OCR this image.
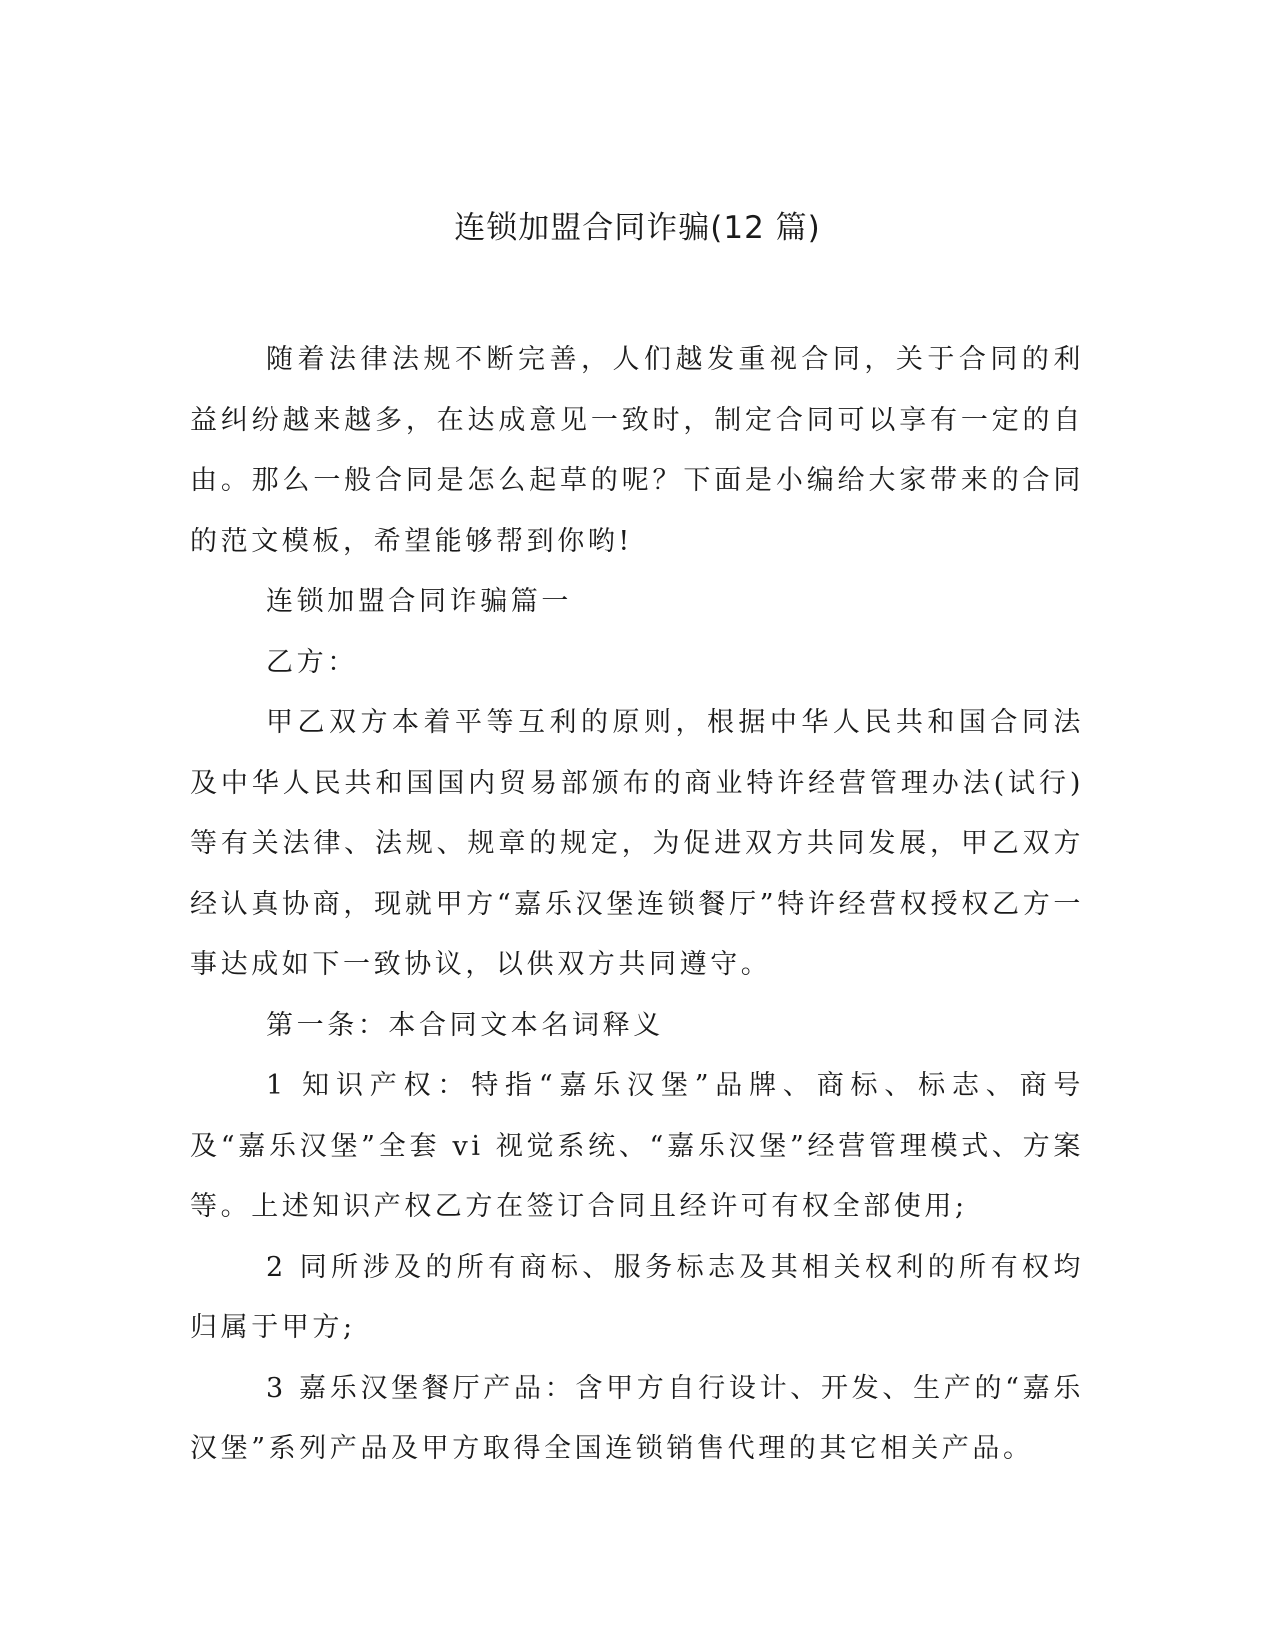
连锁加盟合同诈骗(12 篇)

随着法律法规不断完善，人们越发重视合同，关于合同的利益纠纷越来越多，在达成意见一致时，制定合同可以享有一定的自由。那么一般合同是怎么起草的呢？下面是小编给大家带来的合同的范文模板，希望能够帮到你哟!

连锁加盟合同诈骗篇一

乙方：

甲乙双方本着平等互利的原则，根据中华人民共和国合同法及中华人民共和国国内贸易部颁布的商业特许经营管理办法(试行)等有关法律、法规、规章的规定，为促进双方共同发展，甲乙双方经认真协商，现就甲方“嘉乐汉堡连锁餐厅”特许经营权授权乙方一事达成如下一致协议，以供双方共同遵守。

第一条：本合同文本名词释义

1 知识产权：特指“嘉乐汉堡”品牌、商标、标志、商号及“嘉乐汉堡”全套 vi 视觉系统、“嘉乐汉堡”经营管理模式、方案等。上述知识产权乙方在签订合同且经许可有权全部使用;

2 同所涉及的所有商标、服务标志及其相关权利的所有权均归属于甲方;

3 嘉乐汉堡餐厅产品：含甲方自行设计、开发、生产的“嘉乐汉堡”系列产品及甲方取得全国连锁销售代理的其它相关产品。
